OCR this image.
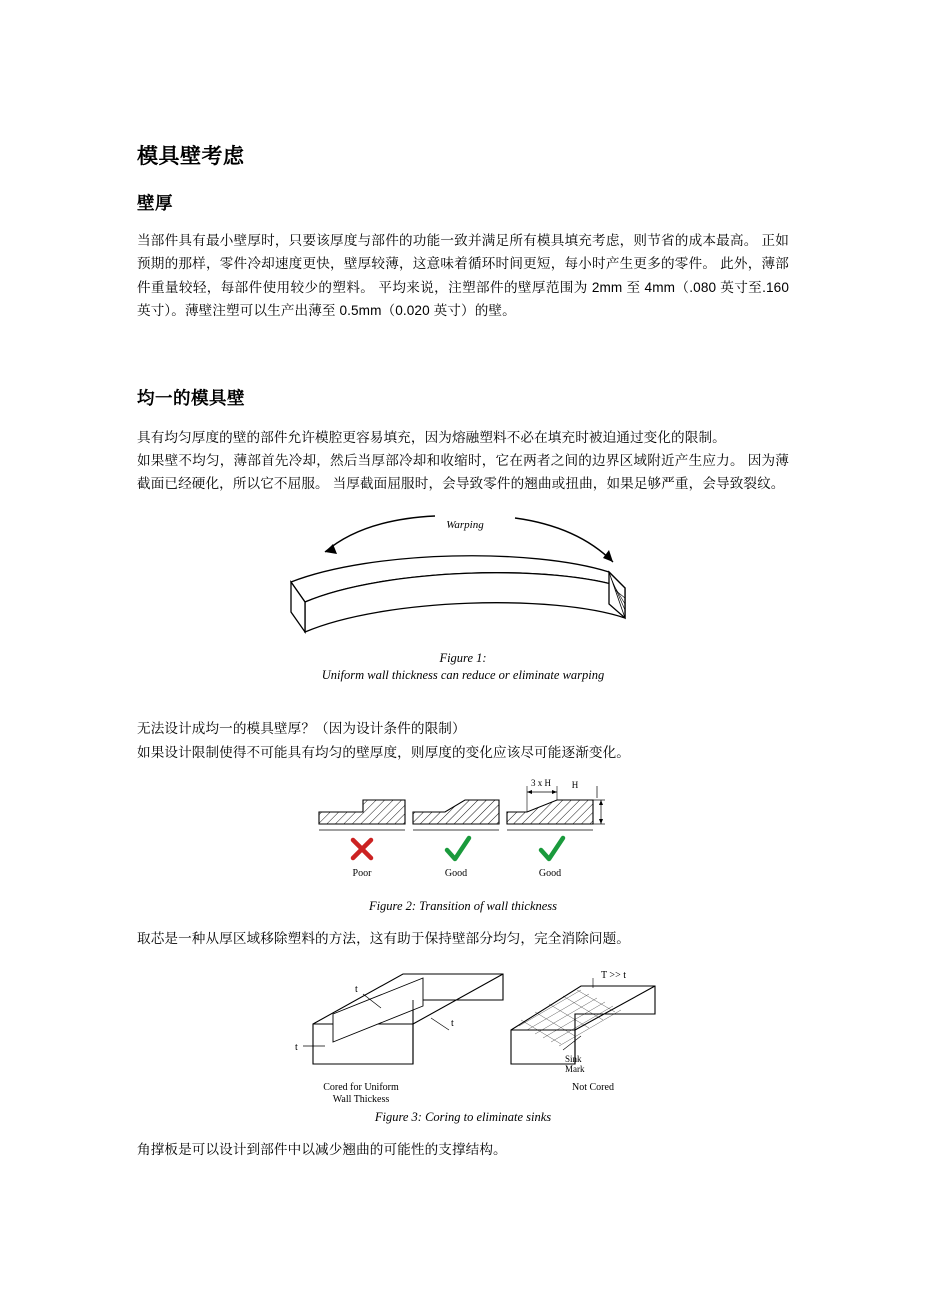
模具壁考虑
壁厚

当部件具有最小壁厚时，只要该厚度与部件的功能一致并满足所有模具填充考虑，则节省的成本最高。 正如预期的那样，零件冷却速度更快，壁厚较薄，这意味着循环时间更短，每小时产生更多的零件。 此外，薄部件重量较轻，每部件使用较少的塑料。 平均来说，注塑部件的壁厚范围为 2mm 至 4mm（.080 英寸至.160 英寸）。薄壁注塑可以生产出薄至 0.5mm（0.020 英寸）的壁。

均一的模具壁

具有均匀厚度的壁的部件允许模腔更容易填充，因为熔融塑料不必在填充时被迫通过变化的限制。

如果壁不均匀，薄部首先冷却，然后当厚部冷却和收缩时，它在两者之间的边界区域附近产生应力。 因为薄截面已经硬化，所以它不屈服。 当厚截面屈服时，会导致零件的翘曲或扭曲，如果足够严重，会导致裂纹。

Warping
Figure 1:
Uniform wall thickness can reduce or eliminate warping

无法设计成均一的模具壁厚？（因为设计条件的限制）

如果设计限制使得不可能具有均匀的壁厚度，则厚度的变化应该尽可能逐渐变化。

Poor	Good
H
3 x H
Good
Figure 2: Transition of wall thickness

取芯是一种从厚区域移除塑料的方法，这有助于保持壁部分均匀，完全消除问题。

t
t
t
Cored for Uniform
Wall Thickess
T >> t
Sink
Mark
Not Cored
Figure 3: Coring to eliminate sinks

角撑板是可以设计到部件中以减少翘曲的可能性的支撑结构。
